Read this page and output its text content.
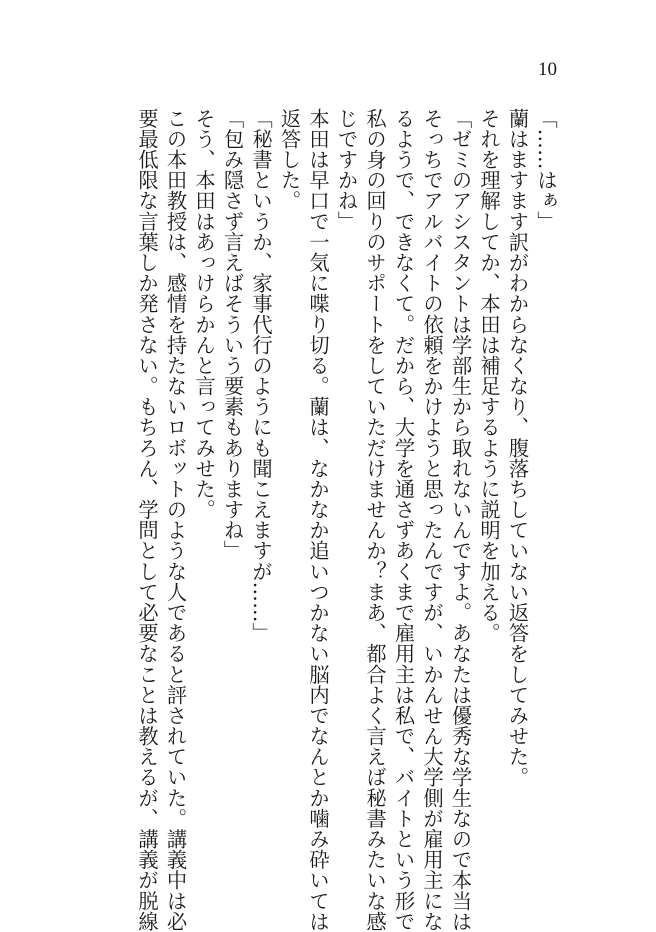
10
「……はぁ」
蘭はますます訳がわからなくなり、腹落ちしていない返答をしてみせた。
それを理解してか、本田は補足するように説明を加える。
「ゼミのアシスタントは学部生から取れないんですよ。あなたは優秀な学生なので本当は
そっちでアルバイトの依頼をかけようと思ったんですが、いかんせん大学側が雇用主にな
るようで、できなくて。だから、大学を通さずあくまで雇用主は私で、バイトという形で
私の身の回りのサポートをしていただけませんか？まあ、都合よく言えば秘書みたいな感
じですかね」
本田は早口で一気に喋り切る。蘭は、なかなか追いつかない脳内でなんとか噛み砕いては
返答した。
「秘書というか、家事代行のようにも聞こえますが……」
「包み隠さず言えばそういう要素もありますね」
そう、本田はあっけらかんと言ってみせた。
この本田教授は、感情を持たないロボットのような人であると評されていた。講義中は必
要最低限な言葉しか発さない。もちろん、学問として必要なことは教えるが、講義が脱線
